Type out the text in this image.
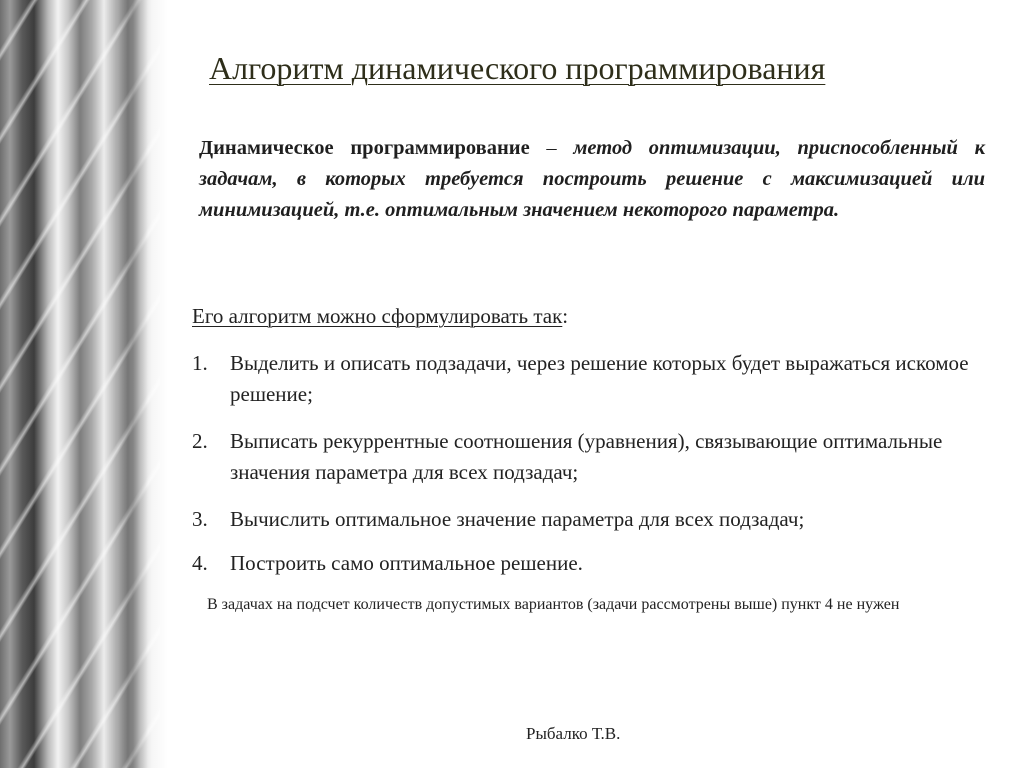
Алгоритм динамического программирования

Динамическое программирование – метод оптимизации, приспособленный к задачам, в которых требуется построить решение с максимизацией или минимизацией, т.е. оптимальным значением некоторого параметра.

Его алгоритм можно сформулировать так:

1. Выделить и описать подзадачи, через решение которых будет выражаться искомое решение;
2. Выписать рекуррентные соотношения (уравнения), связывающие оптимальные значения параметра для всех подзадач;
3. Вычислить оптимальное значение параметра для всех подзадач;
4. Построить само оптимальное решение.

В задачах на подсчет количеств допустимых вариантов (задачи рассмотрены выше) пункт 4 не нужен

Рыбалко Т.В.
